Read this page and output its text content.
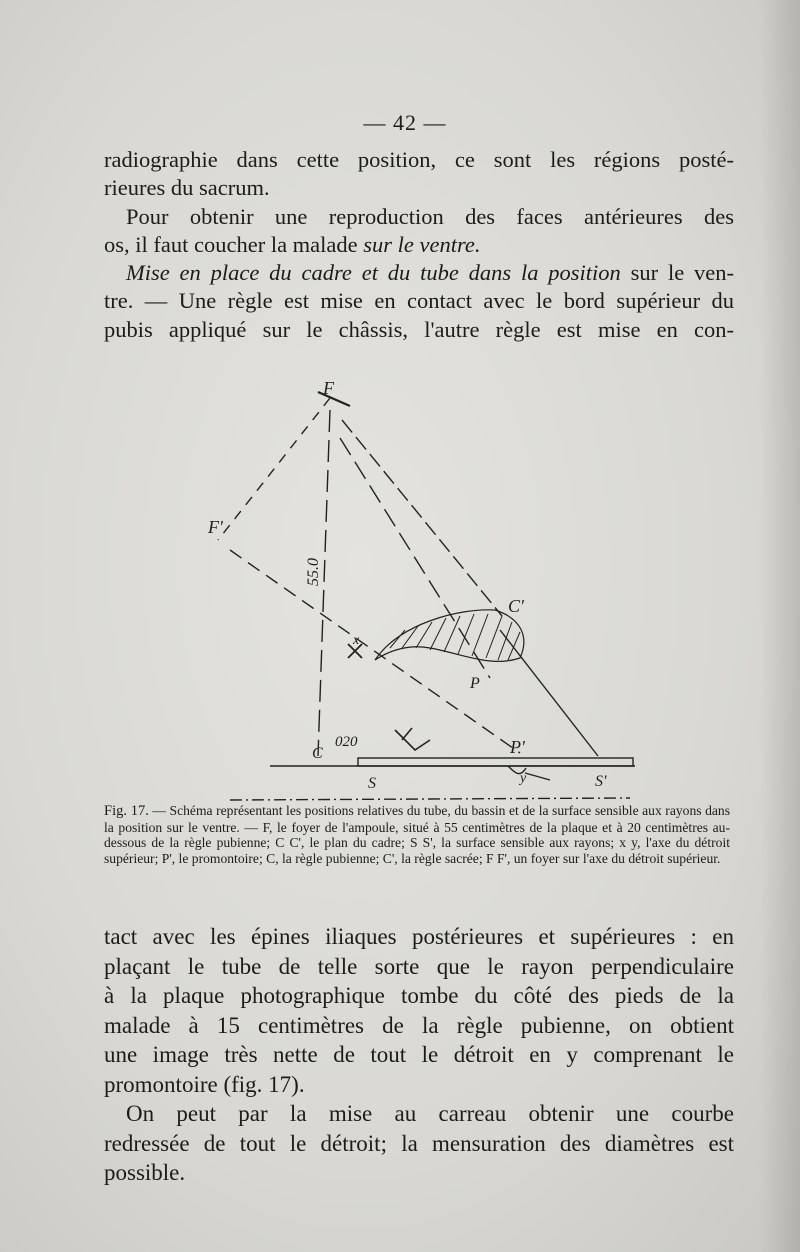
— 42 —
radiographie dans cette position, ce sont les régions posté-
rieures du sacrum.
Pour obtenir une reproduction des faces antérieures des
os, il faut coucher la malade sur le ventre.
Mise en place du cadre et du tube dans la position sur le ven-
tre. — Une règle est mise en contact avec le bord supérieur du
pubis appliqué sur le châssis, l'autre règle est mise en con-
F
F'
C'
P
P'
C
S	S'
x
y
55.0
020
Fig. 17. — Schéma représentant les positions relatives du tube, du bassin et de la surface sensible aux rayons dans la position sur le ventre. — F, le foyer de l'ampoule, situé à 55 centimètres de la plaque et à 20 centimètres au-dessous de la règle pubienne; C C', le plan du cadre; S S', la surface sensible aux rayons; x y, l'axe du détroit supérieur; P', le promontoire; C, la règle pubienne; C', la règle sacrée; F F', un foyer sur l'axe du détroit supérieur.
tact avec les épines iliaques postérieures et supérieures : en
plaçant le tube de telle sorte que le rayon perpendiculaire
à la plaque photographique tombe du côté des pieds de la
malade à 15 centimètres de la règle pubienne, on obtient
une image très nette de tout le détroit en y comprenant le
promontoire (fig. 17).
On peut par la mise au carreau obtenir une courbe
redressée de tout le détroit; la mensuration des diamètres est
possible.
